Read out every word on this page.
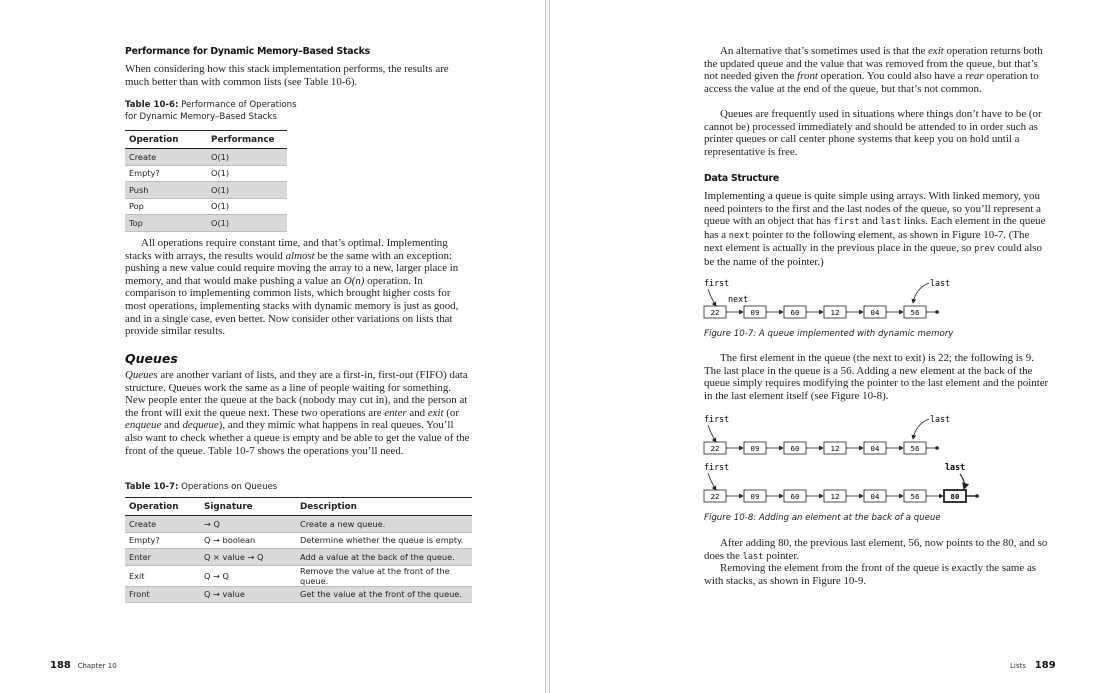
Performance for Dynamic Memory–Based Stacks

When considering how this stack implementation performs, the results are much better than with common lists (see Table 10-6).

Table 10-6: Performance of Operations for Dynamic Memory–Based Stacks
Operation	Performance
Create	O(1)
Empty?	O(1)
Push	O(1)
Pop	O(1)
Top	O(1)

All operations require constant time, and that’s optimal. Implementing stacks with arrays, the results would almost be the same with an exception: pushing a new value could require moving the array to a new, larger place in memory, and that would make pushing a value an O(n) operation. In comparison to implementing common lists, which brought higher costs for most operations, implementing stacks with dynamic memory is just as good, and in a single case, even better. Now consider other variations on lists that provide similar results.

Queues

Queues are another variant of lists, and they are a first-in, first-out (FIFO) data structure. Queues work the same as a line of people waiting for something. New people enter the queue at the back (nobody may cut in), and the person at the front will exit the queue next. These two operations are enter and exit (or enqueue and dequeue), and they mimic what happens in real queues. You’ll also want to check whether a queue is empty and be able to get the value of the front of the queue. Table 10-7 shows the operations you’ll need.

Table 10-7: Operations on Queues
Operation	Signature	Description
Create	→ Q	Create a new queue.
Empty?	Q → boolean	Determine whether the queue is empty.
Enter	Q × value → Q	Add a value at the back of the queue.
Exit	Q → Q	Remove the value at the front of the queue.
Front	Q → value	Get the value at the front of the queue.
188 Chapter 10

An alternative that’s sometimes used is that the exit operation returns both the updated queue and the value that was removed from the queue, but that’s not needed given the front operation. You could also have a rear operation to access the value at the end of the queue, but that’s not common.

Queues are frequently used in situations where things don’t have to be (or cannot be) processed immediately and should be attended to in order such as printer queues or call center phone systems that keep you on hold until a representative is free.

Data Structure

Implementing a queue is quite simple using arrays. With linked memory, you need pointers to the first and the last nodes of the queue, so you’ll represent a queue with an object that has first and last links. Each element in the queue has a next pointer to the following element, as shown in Figure 10-7. (The next element is actually in the previous place in the queue, so prev could also be the name of the pointer.)

first	last
next
22	09	60	12	04	56
Figure 10-7: A queue implemented with dynamic memory

The first element in the queue (the next to exit) is 22; the following is 9. The last place in the queue is a 56. Adding a new element at the back of the queue simply requires modifying the pointer to the last element and the pointer in the last element itself (see Figure 10-8).

first	last
22	09	60	12	04	56
first	last
22	09	60	12	04	56	80
Figure 10-8: Adding an element at the back of a queue

After adding 80, the previous last element, 56, now points to the 80, and so does the last pointer.

Removing the element from the front of the queue is exactly the same as with stacks, as shown in Figure 10-9.

Lists 189
